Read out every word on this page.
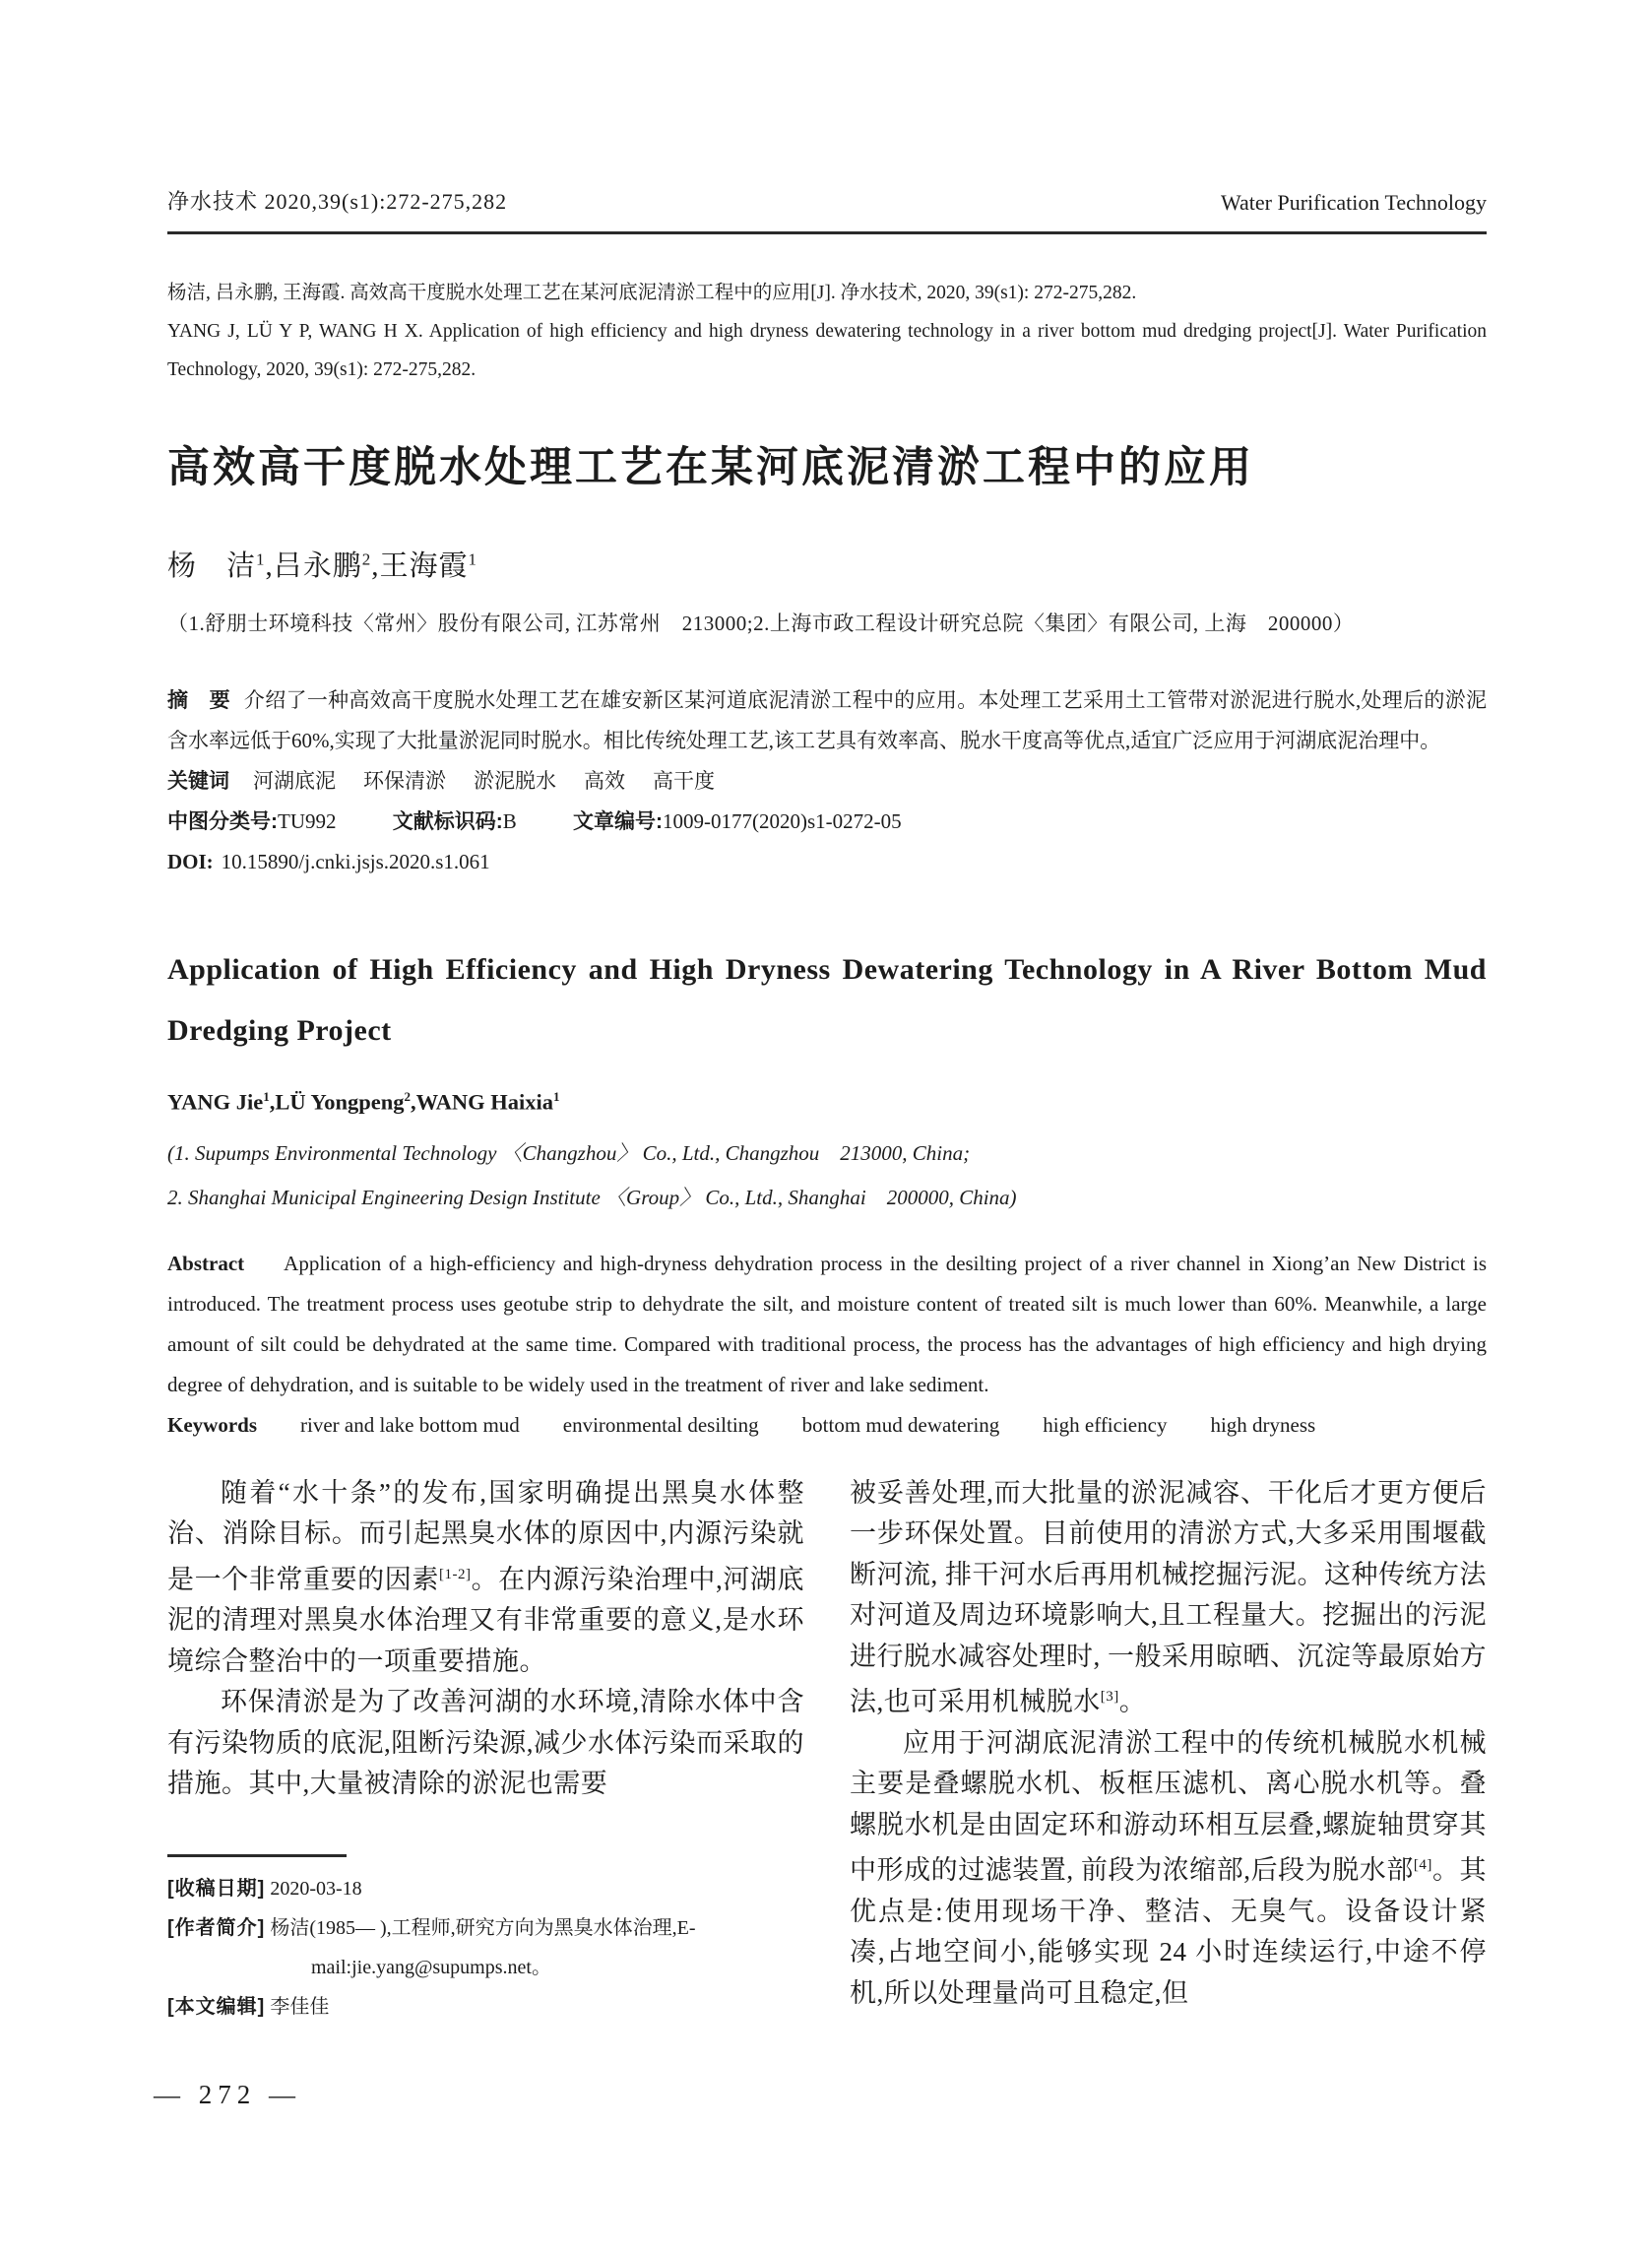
净水技术 2020,39(s1):272-275,282	Water Purification Technology

杨洁, 吕永鹏, 王海霞. 高效高干度脱水处理工艺在某河底泥清淤工程中的应用[J]. 净水技术, 2020, 39(s1): 272-275,282.

YANG J, LÜ Y P, WANG H X. Application of high efficiency and high dryness dewatering technology in a river bottom mud dredging project[J]. Water Purification Technology, 2020, 39(s1): 272-275,282.

高效高干度脱水处理工艺在某河底泥清淤工程中的应用
杨　洁$^1$,吕永鹏$^2$,王海霞$^1$
（1.舒朋士环境科技〈常州〉股份有限公司, 江苏常州　213000;2.上海市政工程设计研究总院〈集团〉有限公司, 上海　200000）
摘　要 介绍了一种高效高干度脱水处理工艺在雄安新区某河道底泥清淤工程中的应用。本处理工艺采用土工管带对淤泥进行脱水,处理后的淤泥含水率远低于60%,实现了大批量淤泥同时脱水。相比传统处理工艺,该工艺具有效率高、脱水干度高等优点,适宜广泛应用于河湖底泥治理中。
关键词 河湖底泥 环保清淤 淤泥脱水 高效 高干度
中图分类号:TU992	文献标识码:B	文章编号:1009-0177(2020)s1-0272-05
DOI: 10.15890/j.cnki.jsjs.2020.s1.061
Application of High Efficiency and High Dryness Dewatering Technology in A River Bottom Mud Dredging Project
YANG Jie$^1$,LÜ Yongpeng$^2$,WANG Haixia$^1$

(1. Supumps Environmental Technology 〈Changzhou〉 Co., Ltd., Changzhou　213000, China;

2. Shanghai Municipal Engineering Design Institute 〈Group〉 Co., Ltd., Shanghai　200000, China)

Abstract Application of a high-efficiency and high-dryness dehydration process in the desilting project of a river channel in Xiong’an New District is introduced. The treatment process uses geotube strip to dehydrate the silt, and moisture content of treated silt is much lower than 60%. Meanwhile, a large amount of silt could be dehydrated at the same time. Compared with traditional process, the process has the advantages of high efficiency and high drying degree of dehydration, and is suitable to be widely used in the treatment of river and lake sediment.
Keywords river and lake bottom mud environmental desilting bottom mud dewatering high efficiency high dryness

随着“水十条”的发布,国家明确提出黑臭水体整治、消除目标。而引起黑臭水体的原因中,内源污染就是一个非常重要的因素[1-2]。在内源污染治理中,河湖底泥的清理对黑臭水体治理又有非常重要的意义,是水环境综合整治中的一项重要措施。

环保清淤是为了改善河湖的水环境,清除水体中含有污染物质的底泥,阻断污染源,减少水体污染而采取的措施。其中,大量被清除的淤泥也需要

[收稿日期] 2020-03-18

[作者简介] 杨洁(1985— ),工程师,研究方向为黑臭水体治理,E-mail:jie.yang@supumps.net。

[本文编辑] 李佳佳

被妥善处理,而大批量的淤泥减容、干化后才更方便后一步环保处置。目前使用的清淤方式,大多采用围堰截断河流, 排干河水后再用机械挖掘污泥。这种传统方法对河道及周边环境影响大,且工程量大。挖掘出的污泥进行脱水减容处理时, 一般采用晾晒、沉淀等最原始方法,也可采用机械脱水[3]。

应用于河湖底泥清淤工程中的传统机械脱水机械主要是叠螺脱水机、板框压滤机、离心脱水机等。叠螺脱水机是由固定环和游动环相互层叠,螺旋轴贯穿其中形成的过滤装置, 前段为浓缩部,后段为脱水部[4]。其优点是:使用现场干净、整洁、无臭气。设备设计紧凑,占地空间小,能够实现 24 小时连续运行,中途不停机,所以处理量尚可且稳定,但

— 272 —
